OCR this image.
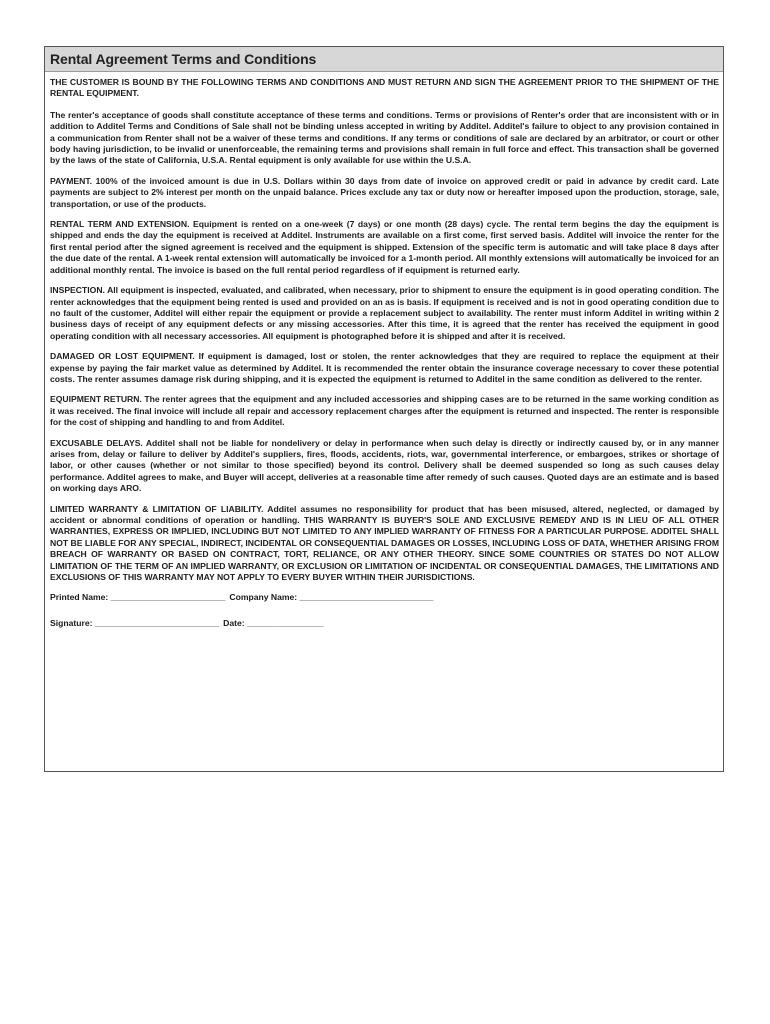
Rental Agreement Terms and Conditions

THE CUSTOMER IS BOUND BY THE FOLLOWING TERMS AND CONDITIONS AND MUST RETURN AND SIGN THE AGREEMENT PRIOR TO THE SHIPMENT OF THE RENTAL EQUIPMENT.

The renter's acceptance of goods shall constitute acceptance of these terms and conditions. Terms or provisions of Renter's order that are inconsistent with or in addition to Additel Terms and Conditions of Sale shall not be binding unless accepted in writing by Additel. Additel's failure to object to any provision contained in a communication from Renter shall not be a waiver of these terms and conditions. If any terms or conditions of sale are declared by an arbitrator, or court or other body having jurisdiction, to be invalid or unenforceable, the remaining terms and provisions shall remain in full force and effect. This transaction shall be governed by the laws of the state of California, U.S.A. Rental equipment is only available for use within the U.S.A.

PAYMENT. 100% of the invoiced amount is due in U.S. Dollars within 30 days from date of invoice on approved credit or paid in advance by credit card. Late payments are subject to 2% interest per month on the unpaid balance. Prices exclude any tax or duty now or hereafter imposed upon the production, storage, sale, transportation, or use of the products.

RENTAL TERM AND EXTENSION. Equipment is rented on a one-week (7 days) or one month (28 days) cycle. The rental term begins the day the equipment is shipped and ends the day the equipment is received at Additel. Instruments are available on a first come, first served basis. Additel will invoice the renter for the first rental period after the signed agreement is received and the equipment is shipped. Extension of the specific term is automatic and will take place 8 days after the due date of the rental. A 1-week rental extension will automatically be invoiced for a 1-month period. All monthly extensions will automatically be invoiced for an additional monthly rental. The invoice is based on the full rental period regardless of if equipment is returned early.

INSPECTION. All equipment is inspected, evaluated, and calibrated, when necessary, prior to shipment to ensure the equipment is in good operating condition. The renter acknowledges that the equipment being rented is used and provided on an as is basis. If equipment is received and is not in good operating condition due to no fault of the customer, Additel will either repair the equipment or provide a replacement subject to availability. The renter must inform Additel in writing within 2 business days of receipt of any equipment defects or any missing accessories. After this time, it is agreed that the renter has received the equipment in good operating condition with all necessary accessories. All equipment is photographed before it is shipped and after it is received.

DAMAGED OR LOST EQUIPMENT. If equipment is damaged, lost or stolen, the renter acknowledges that they are required to replace the equipment at their expense by paying the fair market value as determined by Additel. It is recommended the renter obtain the insurance coverage necessary to cover these potential costs. The renter assumes damage risk during shipping, and it is expected the equipment is returned to Additel in the same condition as delivered to the renter.

EQUIPMENT RETURN. The renter agrees that the equipment and any included accessories and shipping cases are to be returned in the same working condition as it was received. The final invoice will include all repair and accessory replacement charges after the equipment is returned and inspected. The renter is responsible for the cost of shipping and handling to and from Additel.

EXCUSABLE DELAYS. Additel shall not be liable for nondelivery or delay in performance when such delay is directly or indirectly caused by, or in any manner arises from, delay or failure to deliver by Additel's suppliers, fires, floods, accidents, riots, war, governmental interference, or embargoes, strikes or shortage of labor, or other causes (whether or not similar to those specified) beyond its control. Delivery shall be deemed suspended so long as such causes delay performance. Additel agrees to make, and Buyer will accept, deliveries at a reasonable time after remedy of such causes. Quoted days are an estimate and is based on working days ARO.

LIMITED WARRANTY & LIMITATION OF LIABILITY. Additel assumes no responsibility for product that has been misused, altered, neglected, or damaged by accident or abnormal conditions of operation or handling. THIS WARRANTY IS BUYER'S SOLE AND EXCLUSIVE REMEDY AND IS IN LIEU OF ALL OTHER WARRANTIES, EXPRESS OR IMPLIED, INCLUDING BUT NOT LIMITED TO ANY IMPLIED WARRANTY OF FITNESS FOR A PARTICULAR PURPOSE. ADDITEL SHALL NOT BE LIABLE FOR ANY SPECIAL, INDIRECT, INCIDENTAL OR CONSEQUENTIAL DAMAGES OR LOSSES, INCLUDING LOSS OF DATA, WHETHER ARISING FROM BREACH OF WARRANTY OR BASED ON CONTRACT, TORT, RELIANCE, OR ANY OTHER THEORY. SINCE SOME COUNTRIES OR STATES DO NOT ALLOW LIMITATION OF THE TERM OF AN IMPLIED WARRANTY, OR EXCLUSION OR LIMITATION OF INCIDENTAL OR CONSEQUENTIAL DAMAGES, THE LIMITATIONS AND EXCLUSIONS OF THIS WARRANTY MAY NOT APPLY TO EVERY BUYER WITHIN THEIR JURISDICTIONS.

Printed Name: ________________________ Company Name: ____________________________
Signature: __________________________ Date: ________________
